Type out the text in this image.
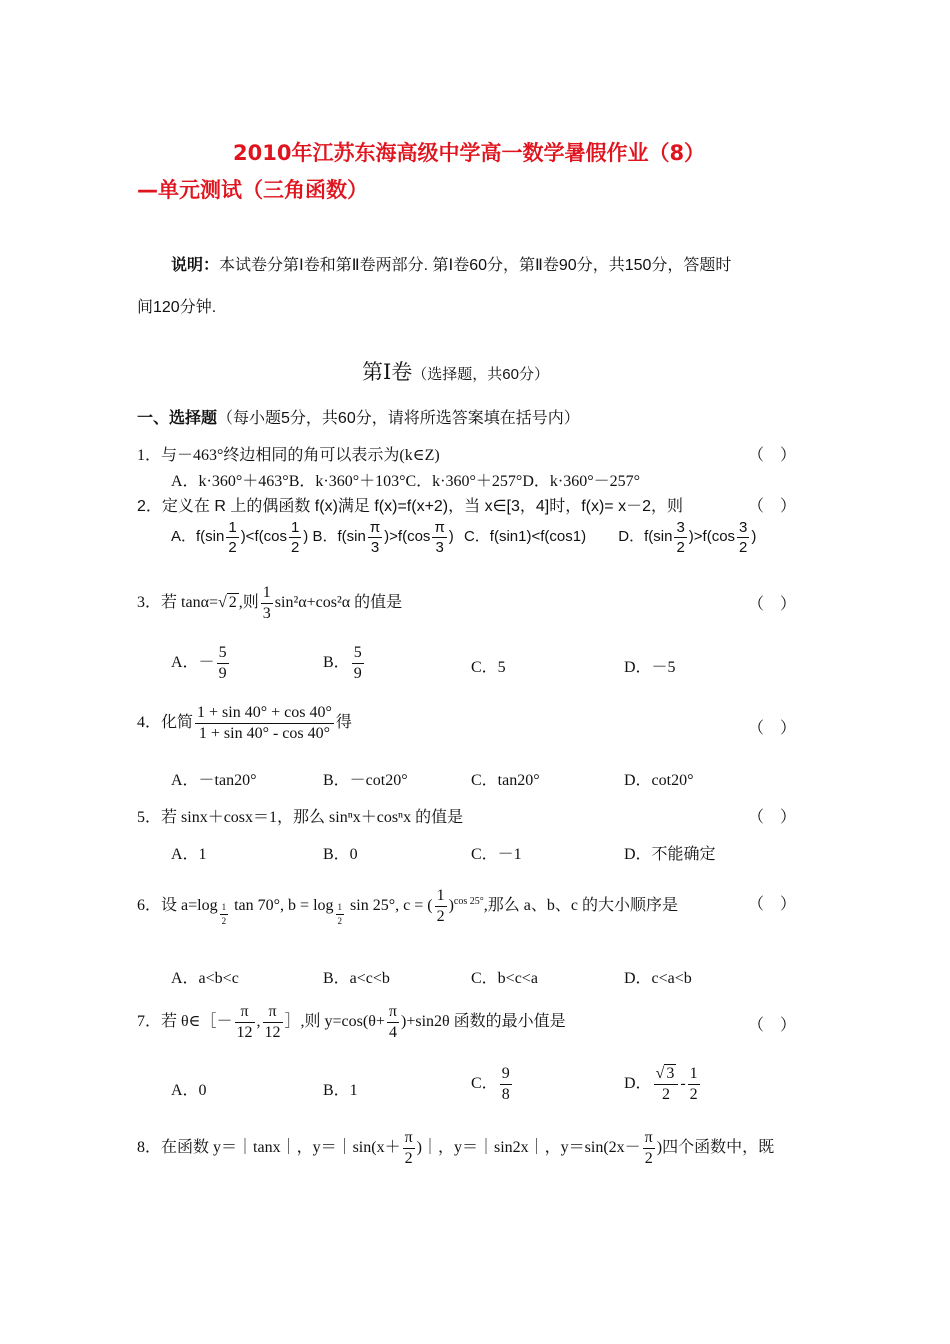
2010年江苏东海高级中学高一数学暑假作业（8）
—单元测试（三角函数）
说明：本试卷分第Ⅰ卷和第Ⅱ卷两部分. 第Ⅰ卷60分，第Ⅱ卷90分，共150分，答题时
间120分钟.
第Ⅰ卷（选择题，共60分）
一、选择题（每小题5分，共60分，请将所选答案填在括号内）
1．与－463°终边相同的角可以表示为(k∈Z)	（    ）
A．k·360°＋463°B．k·360°＋103°C．k·360°＋257°D．k·360°－257°
2．定义在 R 上的偶函数 f(x)满足 f(x)=f(x+2)，当 x∈[3，4]时，f(x)= x－2，则	（    ）
A．$f(\sin \frac{1}{2} )<f(\cos \frac{1}{2}$ ) B．$f(\sin \frac{\pi}{3} )>f(\cos \frac{\pi}{3}$ ) C．f(sin1)<f(cos1) D．$f(\sin \frac{3}{2} )>f(\cos \frac{3}{2}$ )
3．若 tanα=√ 2 ,则 $\frac{1}{3} \sin^2\alpha+\cos^2\alpha$ 的值是	（    ）
A．－ $\frac{5}{9}$	B． $\frac{5}{9}$	C．5	D．－5
4．化简 $\frac{1 + \sin 40^\circ + \cos 40^\circ}{1 + \sin 40^\circ - \cos 40^\circ}$ 得	（    ）
A．－tan20°	B．－cot20°	C．tan20°	D．cot20°
5．若 sinx＋cosx＝1，那么 sinⁿx＋cosⁿx 的值是	（    ）
A．1	B．0	C．－1	D．不能确定
6．设 $a=\log \frac{1}{2}$ tan 70°, $b = \log \frac{1}{2}$ sin 25°, c = ( $\frac{1}{2} )^{cos 25^\circ}$,那么 a、b、c 的大小顺序是	（    ）
A．a<b<c	B．a<c<b	C．b<c<a	D．c<a<b
7．若 θ∈［－ $\frac{\pi}{12}$ , $\frac{\pi}{12}$ ］,则 $y=\cos(\theta+ \frac{\pi}{4} )+\sin 2\theta$ 函数的最小值是	（    ）
A．0	B．1	C． $\frac{9}{8}$	D． $\frac{√ 3}{2} - \frac{1}{2}$
8．在函数 y＝｜tanx｜，y＝｜sin(x＋ $\frac{\pi}{2}$ )｜，y＝｜sin2x｜，$y=\sin(2x- \frac{\pi}{2}$ )四个函数中，既
